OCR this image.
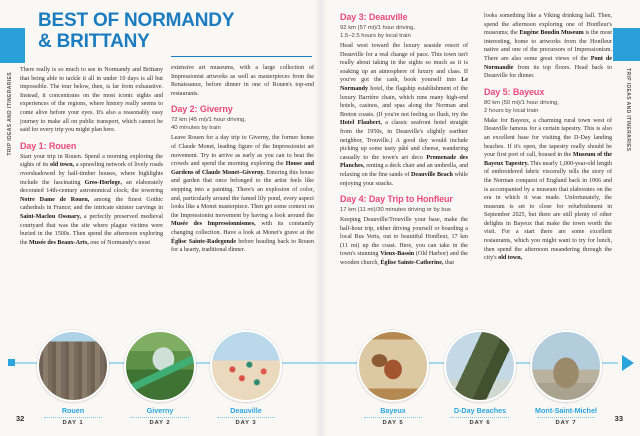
TRIP IDEAS AND ITINERARIES	TRIP IDEAS AND ITINERARIES
BEST OF NORMANDY
& BRITTANY

There really is so much to see in Normandy and Brittany that being able to tackle it all in under 10 days is all but impossible. The tour below, then, is far from exhaustive. Instead, it concentrates on the most iconic sights and experiences of the regions, where history really seems to come alive before your eyes. It's also a reasonably easy journey to make all on public transport, which cannot be said for every trip you might plan here.

Day 1: Rouen

Start your trip in Rouen. Spend a morning exploring the sights of its old town, a sprawling network of lively roads overshadowed by half-timber houses, where highlights include the fascinating Gros-Horloge, an elaborately decorated 14th-century astronomical clock; the towering Notre Dame de Rouen, among the finest Gothic cathedrals in France; and the intricate sinister carvings in Saint-Maclou Ossuary, a perfectly preserved medieval courtyard that was the site where plague victims were buried in the 1500s. Then spend the afternoon exploring the Musée des Beaux-Arts, one of Normandy's most

extensive art museums, with a large collection of Impressionist artworks as well as masterpieces from the Renaissance, before dinner in one of Rouen's top-end restaurants.

Day 2: Giverny
72 km (45 mi)/1 hour driving,
40 minutes by train

Leave Rouen for a day trip to Giverny, the former home of Claude Monet, leading figure of the Impressionist art movement. Try to arrive as early as you can to beat the crowds and spend the morning exploring the House and Gardens of Claude Monet–Giverny. Entering this house and garden that once belonged to the artist feels like stepping into a painting. There's an explosion of color, and, particularly around the famed lily pond, every aspect looks like a Monet masterpiece. Then get some context on the Impressionist movement by having a look around the Musée des Impressionnismes, with its constantly changing collection. Have a look at Monet's grave at the Église Sainte-Radegonde before heading back to Rouen for a hearty, traditional dinner.

Day 3: Deauville
92 km (57 mi)/1 hour driving,
1.5–2.5 hours by local train

Head west toward the luxury seaside resort of Deauville for a real change of pace. This town isn't really about taking in the sights so much as it is soaking up an atmosphere of luxury and class. If you've got the cash, book yourself into Le Normandy hotel, the flagship establishment of the luxury Barrière chain, which runs many high-end hotels, casinos, and spas along the Norman and Breton coasts. (If you're not feeling so flush, try the Hotel Flaubert, a classic seafront hotel straight from the 1950s, in Deauville's slightly earthier neighbor, Trouville.) A good day would include picking up some tasty pâté and cheese, wandering casually to the town's art deco Promenade des Planches, renting a deck chair and an umbrella, and relaxing on the fine sands of Deauville Beach while enjoying your snacks.

Day 4: Day Trip to Honfleur
17 km (11 mi)/30 minutes driving or by bus

Keeping Deauville/Trouville your base, make the half-hour trip, either driving yourself or boarding a local Bus Verts, out to beautiful Honfleur, 17 km (11 mi) up the coast. Here, you can take in the town's stunning Vieux-Bassin (Old Harbor) and the wooden church, Église Sainte-Catherine, that

looks something like a Viking drinking hall. Then, spend the afternoon exploring one of Honfleur's museums; the Eugène Boudin Museum is the most interesting, home to artworks from the Honfleur native and one of the precursors of Impressionism. There are also some great views of the Pont de Normandie from its top floors. Head back to Deauville for dinner.

Day 5: Bayeux
80 km (50 mi)/1 hour driving,
2 hours by local train

Make for Bayeux, a charming rural town west of Deauville famous for a certain tapestry. This is also an excellent base for visiting the D-Day landing beaches. If it's open, the tapestry really should be your first port of call, housed in the Museum of the Bayeux Tapestry. This nearly 1,000-year-old length of embroidered fabric viscerally tells the story of the Norman conquest of England back in 1066 and is accompanied by a museum that elaborates on the era in which it was made. Unfortunately, the museum is set to close for refurbishment in September 2025, but there are still plenty of other delights in Bayeux that make the town worth the visit. For a start there are some excellent restaurants, which you might want to try for lunch, then spend the afternoon meandering through the city's old town,

Rouen
DAY 1
Giverny
DAY 2
Deauville
DAY 3
Bayeux
DAY 5
D-Day Beaches
DAY 6
Mont-Saint-Michel
DAY 7
32	33
